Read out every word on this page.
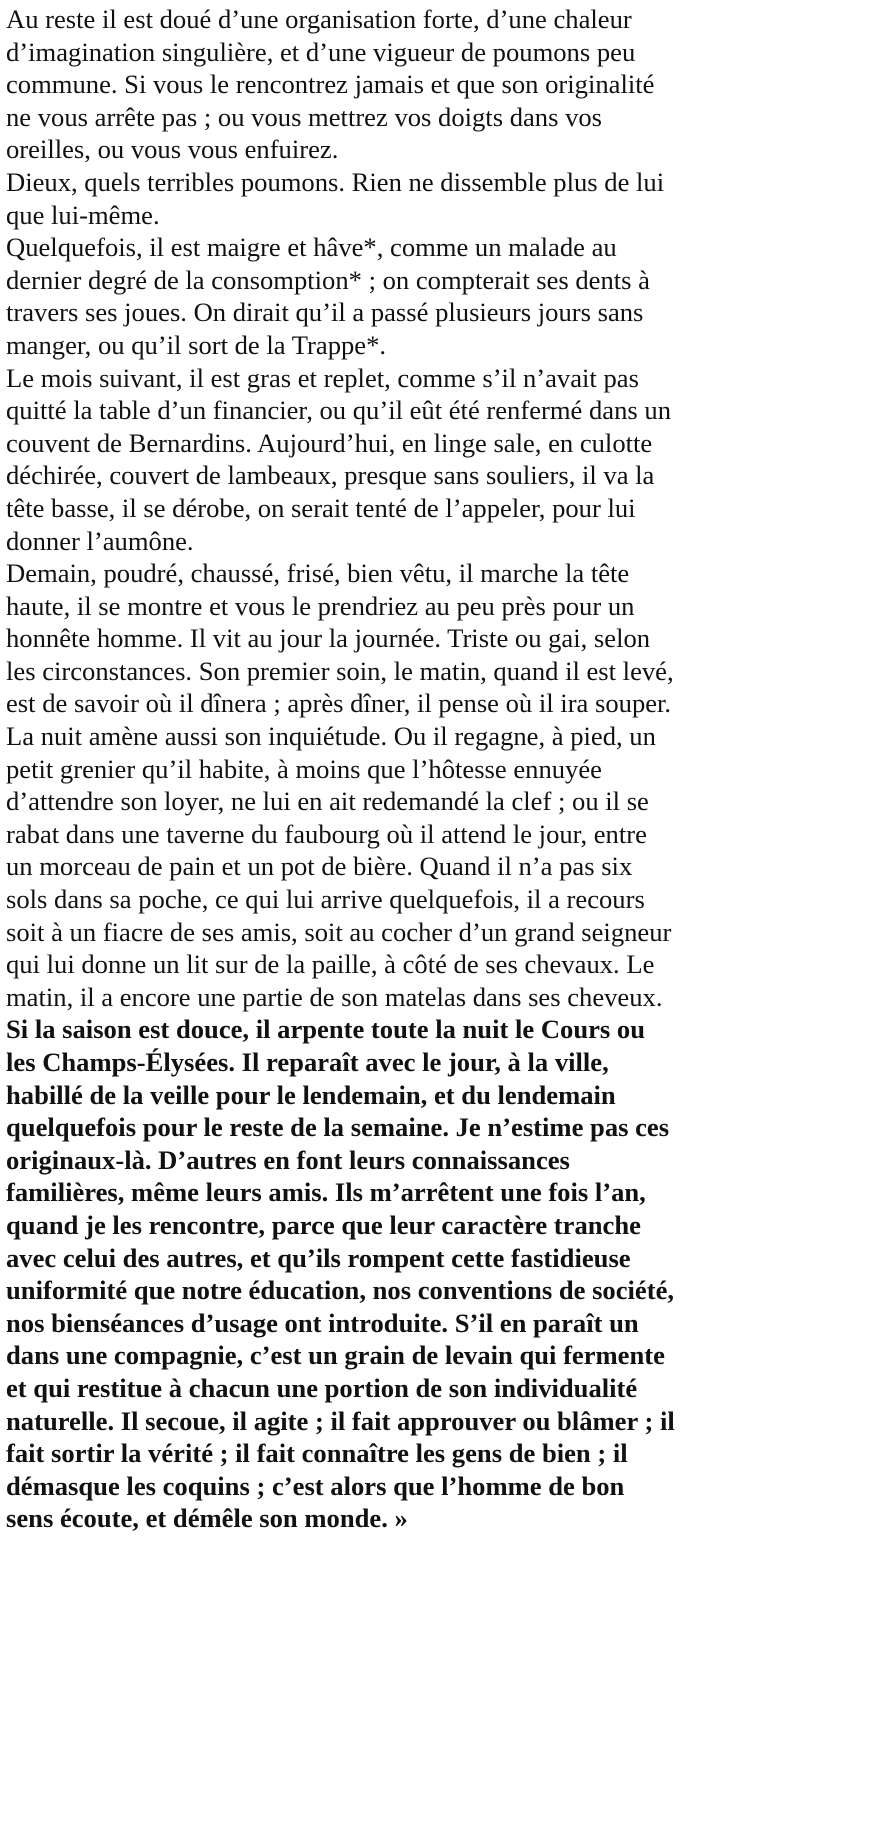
Au reste il est doué d’une organisation forte, d’une chaleur
d’imagination singulière, et d’une vigueur de poumons peu
commune. Si vous le rencontrez jamais et que son originalité
ne vous arrête pas ; ou vous mettrez vos doigts dans vos
oreilles, ou vous vous enfuirez.

Dieux, quels terribles poumons. Rien ne dissemble plus de lui
que lui-même.

Quelquefois, il est maigre et hâve*, comme un malade au
dernier degré de la consomption* ; on compterait ses dents à
travers ses joues. On dirait qu’il a passé plusieurs jours sans
manger, ou qu’il sort de la Trappe*.

Le mois suivant, il est gras et replet, comme s’il n’avait pas
quitté la table d’un financier, ou qu’il eût été renfermé dans un
couvent de Bernardins. Aujourd’hui, en linge sale, en culotte
déchirée, couvert de lambeaux, presque sans souliers, il va la
tête basse, il se dérobe, on serait tenté de l’appeler, pour lui
donner l’aumône.

Demain, poudré, chaussé, frisé, bien vêtu, il marche la tête
haute, il se montre et vous le prendriez au peu près pour un
honnête homme. Il vit au jour la journée. Triste ou gai, selon
les circonstances. Son premier soin, le matin, quand il est levé,
est de savoir où il dînera ; après dîner, il pense où il ira souper.
La nuit amène aussi son inquiétude. Ou il regagne, à pied, un
petit grenier qu’il habite, à moins que l’hôtesse ennuyée
d’attendre son loyer, ne lui en ait redemandé la clef ; ou il se
rabat dans une taverne du faubourg où il attend le jour, entre
un morceau de pain et un pot de bière. Quand il n’a pas six
sols dans sa poche, ce qui lui arrive quelquefois, il a recours
soit à un fiacre de ses amis, soit au cocher d’un grand seigneur
qui lui donne un lit sur de la paille, à côté de ses chevaux. Le
matin, il a encore une partie de son matelas dans ses cheveux.

Si la saison est douce, il arpente toute la nuit le Cours ou
les Champs-Élysées. Il reparaît avec le jour, à la ville,
habillé de la veille pour le lendemain, et du lendemain
quelquefois pour le reste de la semaine. Je n’estime pas ces
originaux-là. D’autres en font leurs connaissances
familières, même leurs amis. Ils m’arrêtent une fois l’an,
quand je les rencontre, parce que leur caractère tranche
avec celui des autres, et qu’ils rompent cette fastidieuse
uniformité que notre éducation, nos conventions de société,
nos bienséances d’usage ont introduite. S’il en paraît un
dans une compagnie, c’est un grain de levain qui fermente
et qui restitue à chacun une portion de son individualité
naturelle. Il secoue, il agite ; il fait approuver ou blâmer ; il
fait sortir la vérité ; il fait connaître les gens de bien ; il
démasque les coquins ; c’est alors que l’homme de bon
sens écoute, et démêle son monde. »
